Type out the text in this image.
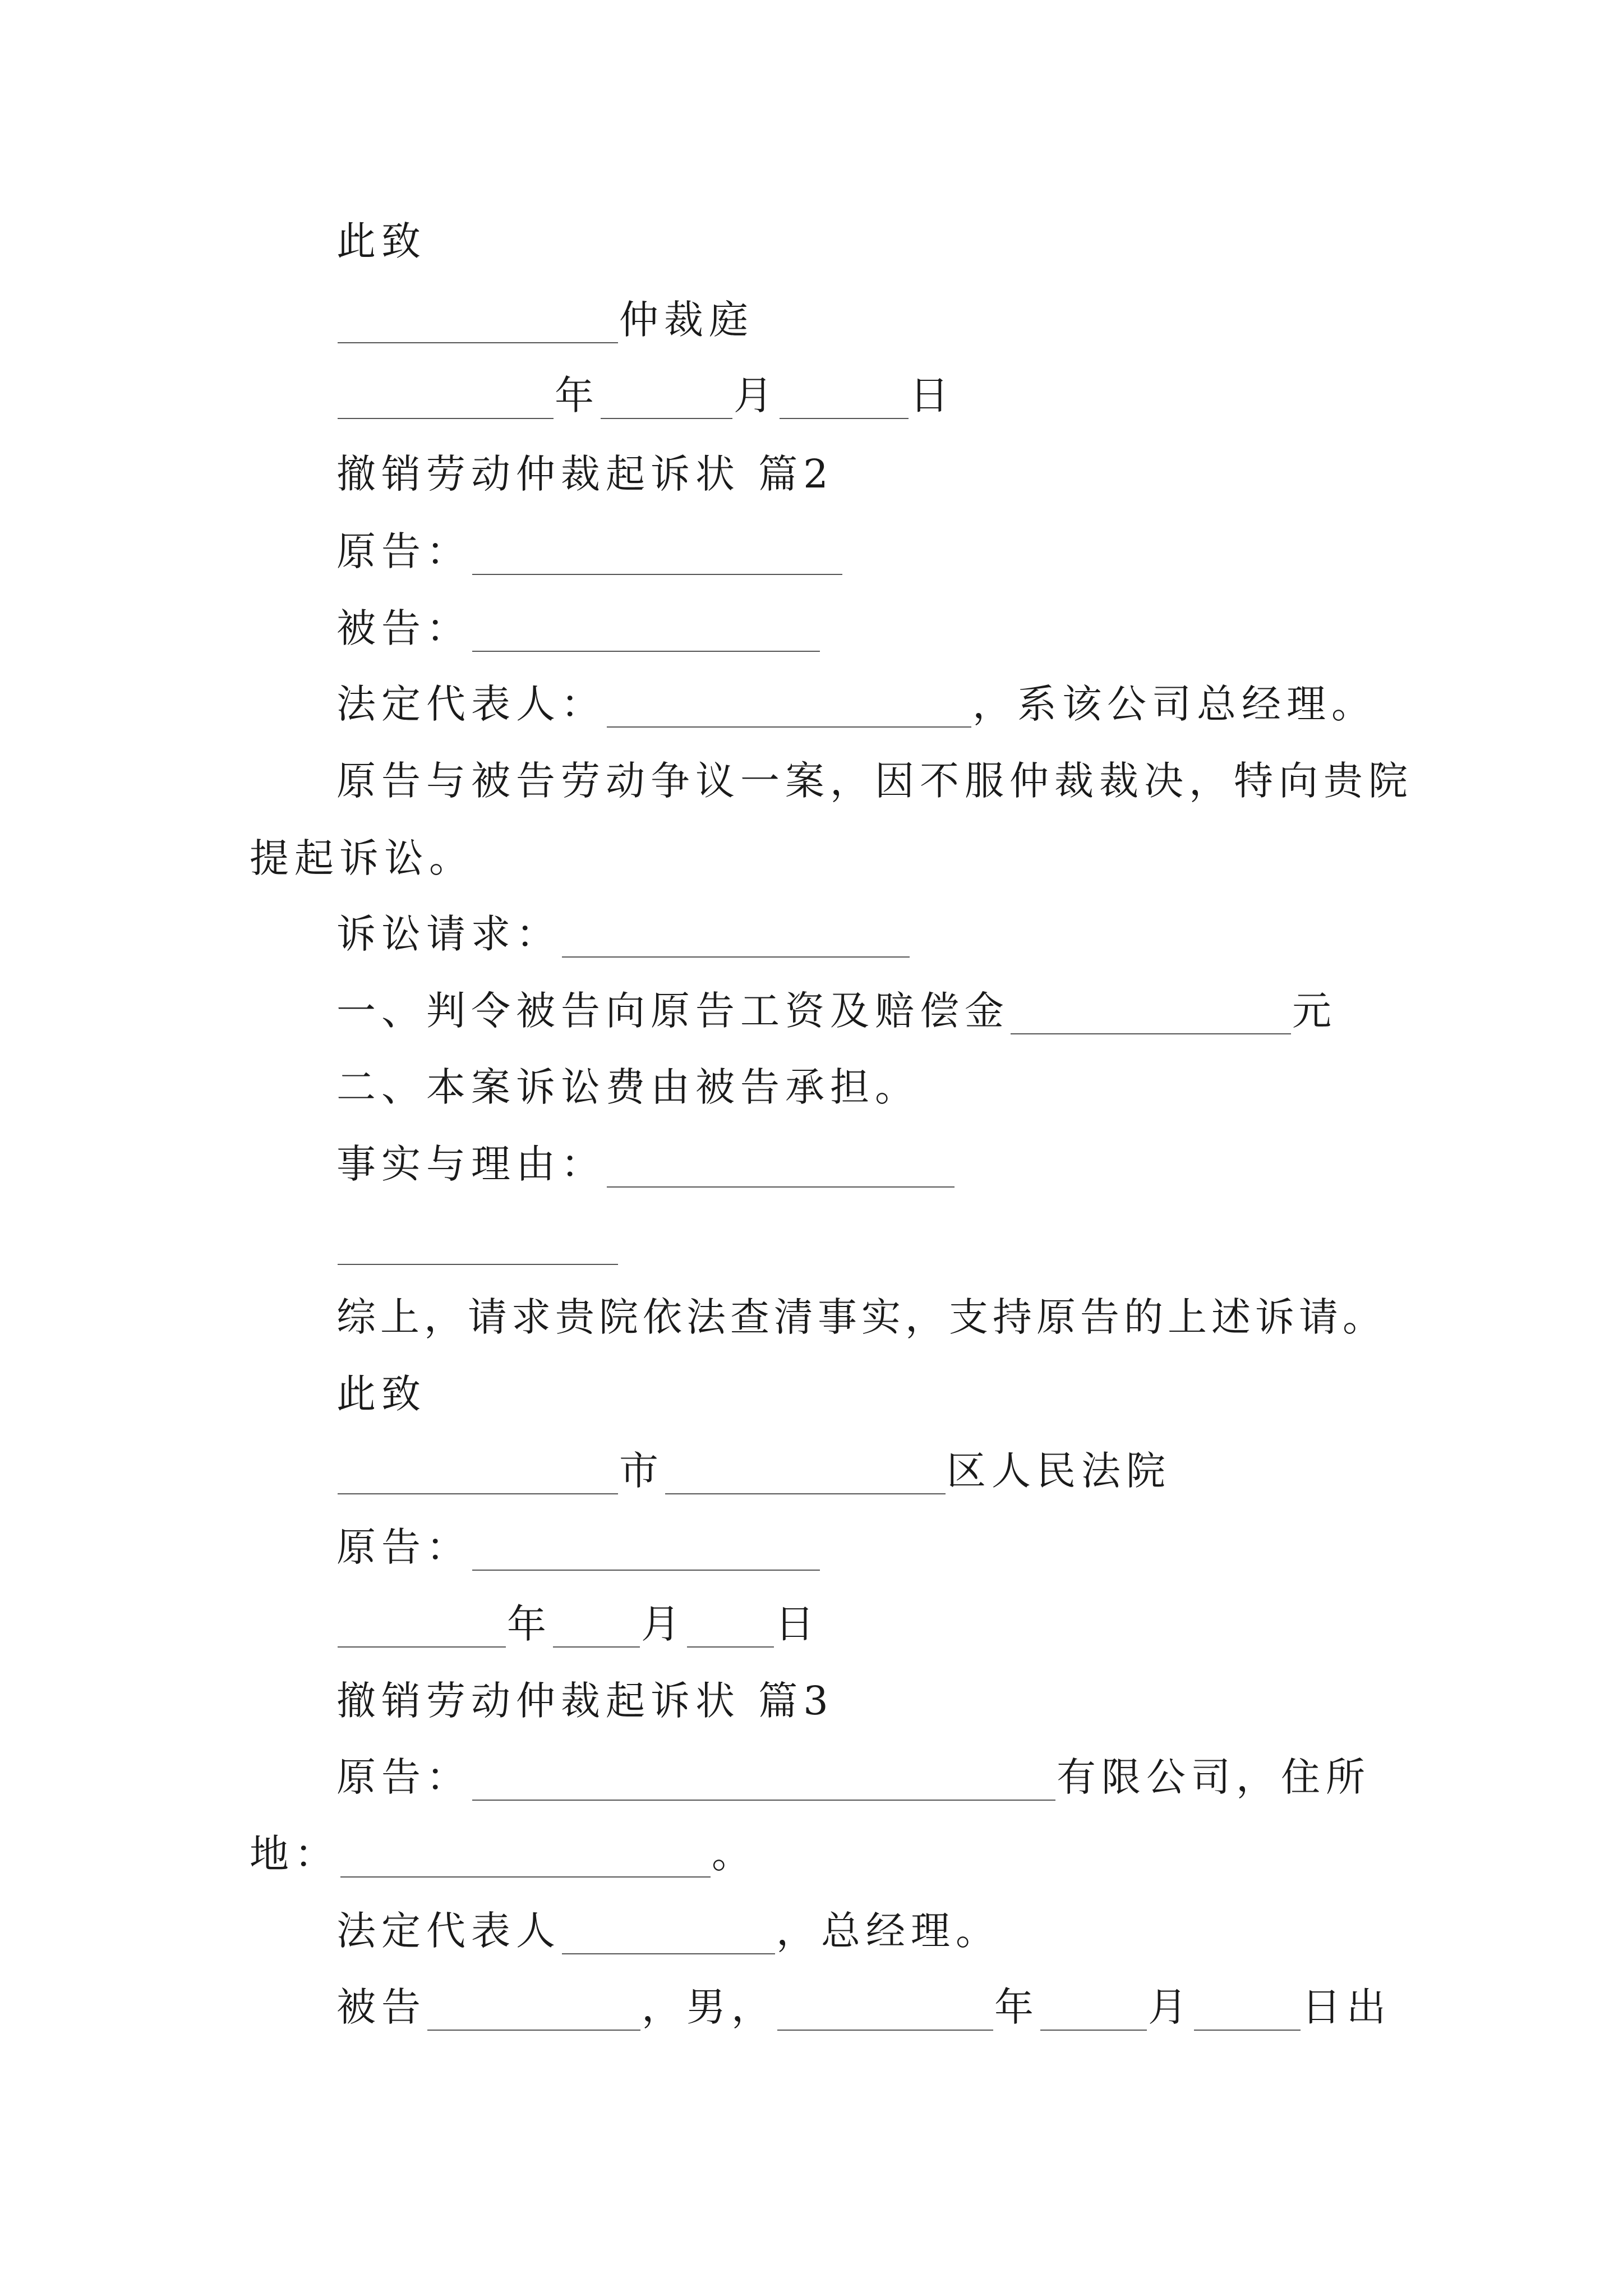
此致
仲裁庭
年	月	日
撤销劳动仲裁起诉状 篇2
原告：
被告：
法定代表人：	，系该公司总经理。
原告与被告劳动争议一案，因不服仲裁裁决，特向贵院
提起诉讼。
诉讼请求：
一、判令被告向原告工资及赔偿金	元
二、本案诉讼费由被告承担。
事实与理由：
综上，请求贵院依法查清事实，支持原告的上述诉请。
此致
市	区人民法院
原告：
年 月 日
撤销劳动仲裁起诉状 篇3
原告：	有限公司，住所
地：	。
法定代表人	，总经理。
被告	，男，	年	月	日出
